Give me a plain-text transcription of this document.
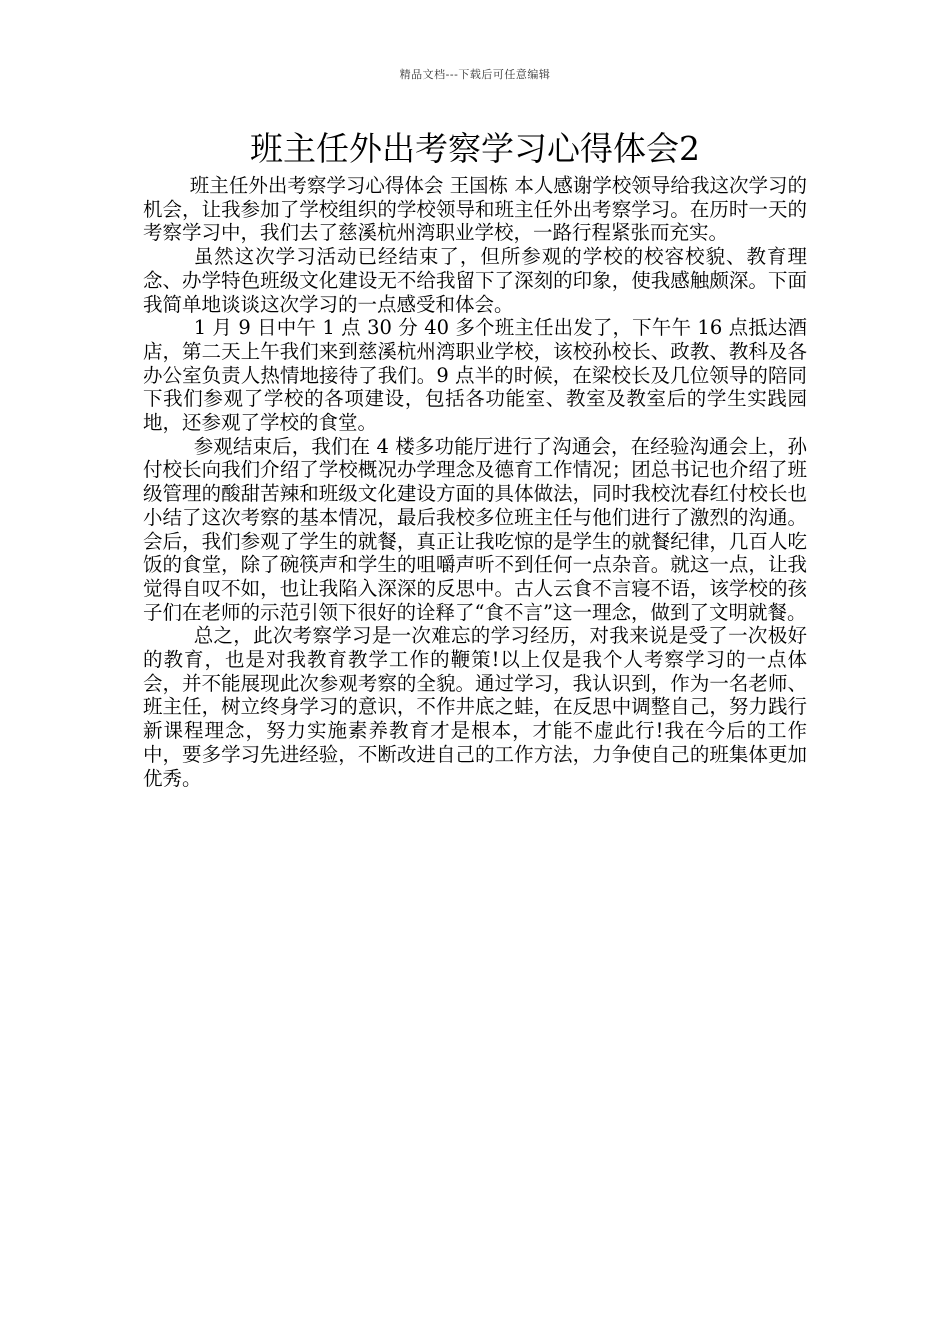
精品文档---下载后可任意编辑
班主任外出考察学习心得体会2

班主任外出考察学习心得体会 王国栋 本人感谢学校领导给我这次学习的机会，让我参加了学校组织的学校领导和班主任外出考察学习。在历时一天的考察学习中，我们去了慈溪杭州湾职业学校，一路行程紧张而充实。

虽然这次学习活动已经结束了，但所参观的学校的校容校貌、教育理念、办学特色班级文化建设无不给我留下了深刻的印象，使我感触颇深。下面我简单地谈谈这次学习的一点感受和体会。

1 月 9 日中午 1 点 30 分 40 多个班主任出发了，下午午 16 点抵达酒店，第二天上午我们来到慈溪杭州湾职业学校，该校孙校长、政教、教科及各办公室负责人热情地接待了我们。9 点半的时候，在梁校长及几位领导的陪同下我们参观了学校的各项建设，包括各功能室、教室及教室后的学生实践园地，还参观了学校的食堂。

参观结束后，我们在 4 楼多功能厅进行了沟通会，在经验沟通会上，孙付校长向我们介绍了学校概况办学理念及德育工作情况；团总书记也介绍了班级管理的酸甜苦辣和班级文化建设方面的具体做法，同时我校沈春红付校长也小结了这次考察的基本情况，最后我校多位班主任与他们进行了激烈的沟通。会后，我们参观了学生的就餐，真正让我吃惊的是学生的就餐纪律，几百人吃饭的食堂，除了碗筷声和学生的咀嚼声听不到任何一点杂音。就这一点，让我觉得自叹不如，也让我陷入深深的反思中。古人云食不言寝不语，该学校的孩子们在老师的示范引领下很好的诠释了“食不言”这一理念，做到了文明就餐。

总之，此次考察学习是一次难忘的学习经历，对我来说是受了一次极好的教育，也是对我教育教学工作的鞭策!以上仅是我个人考察学习的一点体会，并不能展现此次参观考察的全貌。通过学习，我认识到，作为一名老师、班主任，树立终身学习的意识，不作井底之蛙，在反思中调整自己，努力践行新课程理念，努力实施素养教育才是根本，才能不虚此行!我在今后的工作中，要多学习先进经验，不断改进自己的工作方法，力争使自己的班集体更加优秀。
